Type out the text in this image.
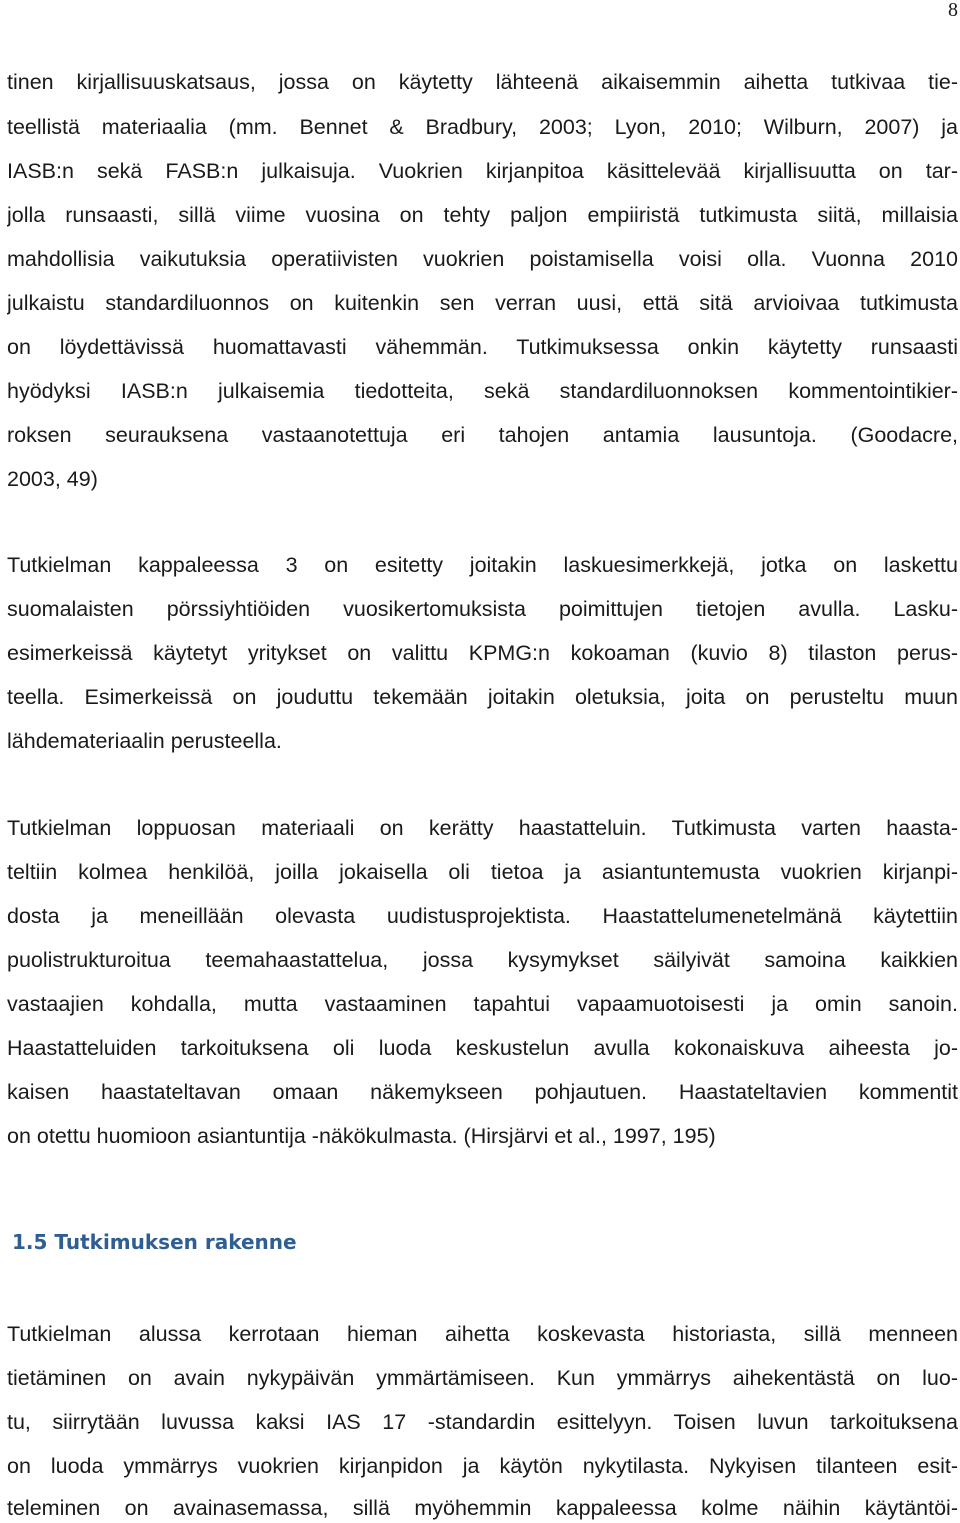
8
tinen kirjallisuuskatsaus, jossa on käytetty lähteenä aikaisemmin aihetta tutkivaa tie-
teellistä materiaalia (mm. Bennet & Bradbury, 2003; Lyon, 2010; Wilburn, 2007) ja
IASB:n sekä FASB:n julkaisuja. Vuokrien kirjanpitoa käsittelevää kirjallisuutta on tar-
jolla runsaasti, sillä viime vuosina on tehty paljon empiiristä tutkimusta siitä, millaisia
mahdollisia vaikutuksia operatiivisten vuokrien poistamisella voisi olla. Vuonna 2010
julkaistu standardiluonnos on kuitenkin sen verran uusi, että sitä arvioivaa tutkimusta
on löydettävissä huomattavasti vähemmän. Tutkimuksessa onkin käytetty runsaasti
hyödyksi IASB:n julkaisemia tiedotteita, sekä standardiluonnoksen kommentointikier-
roksen seurauksena vastaanotettuja eri tahojen antamia lausuntoja. (Goodacre,
2003, 49)
Tutkielman kappaleessa 3 on esitetty joitakin laskuesimerkkejä, jotka on laskettu
suomalaisten pörssiyhtiöiden vuosikertomuksista poimittujen tietojen avulla. Lasku-
esimerkeissä käytetyt yritykset on valittu KPMG:n kokoaman (kuvio 8) tilaston perus-
teella. Esimerkeissä on jouduttu tekemään joitakin oletuksia, joita on perusteltu muun
lähdemateriaalin perusteella.
Tutkielman loppuosan materiaali on kerätty haastatteluin. Tutkimusta varten haasta-
teltiin kolmea henkilöä, joilla jokaisella oli tietoa ja asiantuntemusta vuokrien kirjanpi-
dosta ja meneillään olevasta uudistusprojektista. Haastattelumenetelmänä käytettiin
puolistrukturoitua teemahaastattelua, jossa kysymykset säilyivät samoina kaikkien
vastaajien kohdalla, mutta vastaaminen tapahtui vapaamuotoisesti ja omin sanoin.
Haastatteluiden tarkoituksena oli luoda keskustelun avulla kokonaiskuva aiheesta jo-
kaisen haastateltavan omaan näkemykseen pohjautuen. Haastateltavien kommentit
on otettu huomioon asiantuntija -näkökulmasta. (Hirsjärvi et al., 1997, 195)
1.5 Tutkimuksen rakenne
Tutkielman alussa kerrotaan hieman aihetta koskevasta historiasta, sillä menneen
tietäminen on avain nykypäivän ymmärtämiseen. Kun ymmärrys aihekentästä on luo-
tu, siirrytään luvussa kaksi IAS 17 -standardin esittelyyn. Toisen luvun tarkoituksena
on luoda ymmärrys vuokrien kirjanpidon ja käytön nykytilasta. Nykyisen tilanteen esit-
teleminen on avainasemassa, sillä myöhemmin kappaleessa kolme näihin käytäntöi-
